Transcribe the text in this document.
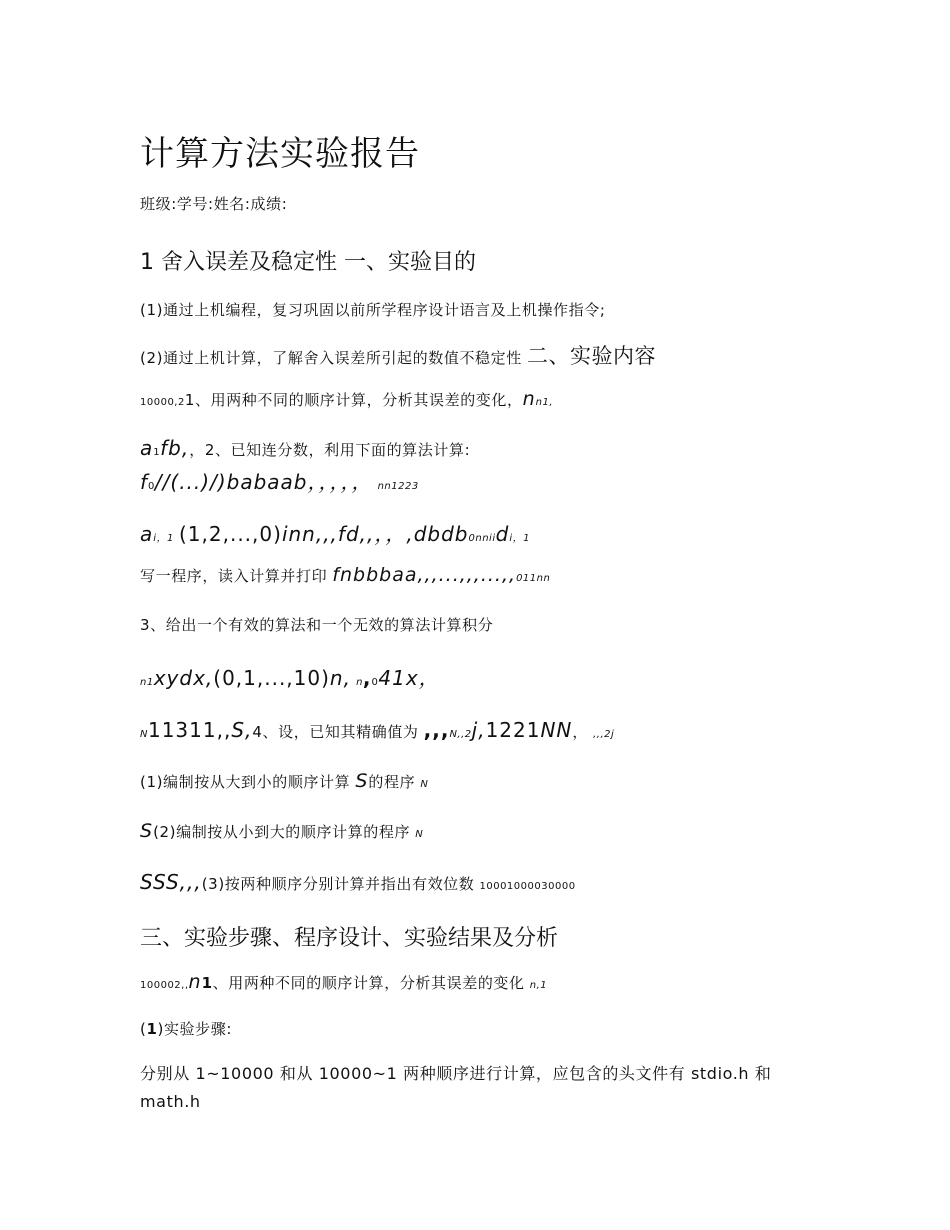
计算方法实验报告
班级:学号:姓名:成绩:
1 舍入误差及稳定性 一、实验目的
(1)通过上机编程，复习巩固以前所学程序设计语言及上机操作指令;
(2)通过上机计算，了解舍入误差所引起的数值不稳定性 二、实验内容
10000,21、用两种不同的顺序计算，分析其误差的变化，nn1,
a1fb,，2、已知连分数，利用下面的算法计算:
f0//(...)/)babaab，，，，， nn1223
ai，1 (1,2,...,0)inn,,,fd,,，，,dbdb0nniidi，1
写一程序，读入计算并打印 fnbbbaa,,,...,,,...,,011nn
3、给出一个有效的算法和一个无效的算法计算积分
n1xydx,(0,1,...,10)n, n,041x，
N11311,,S,4、设，已知其精确值为 ,,,N,,2j,1221NN， ,,,2j
(1)编制按从大到小的顺序计算 S的程序 N
S(2)编制按从小到大的顺序计算的程序 N
SSS,,,(3)按两种顺序分别计算并指出有效位数 10001000030000
三、实验步骤、程序设计、实验结果及分析
100002,,n1、用两种不同的顺序计算，分析其误差的变化 n,1
(1)实验步骤:
分别从 1~10000 和从 10000~1 两种顺序进行计算，应包含的头文件有 stdio.h 和 math.h
